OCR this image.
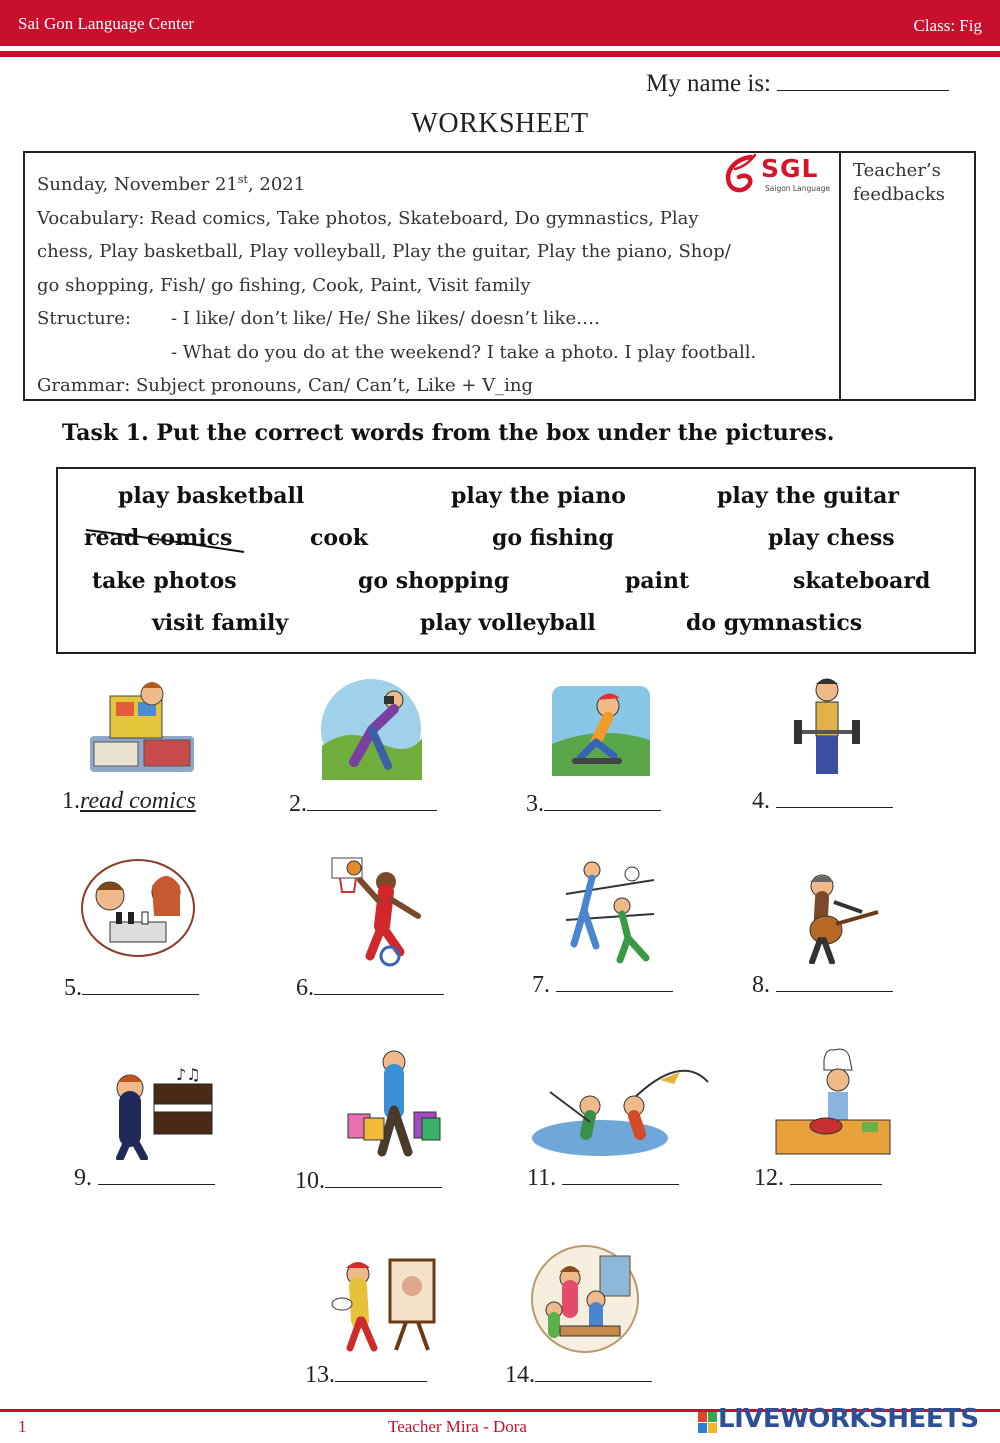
Sai Gon Language Center	Class: Fig
My name is:
WORKSHEET
Sunday, November 21st, 2021
Vocabulary: Read comics, Take photos, Skateboard, Do gymnastics, Play
chess, Play basketball, Play volleyball, Play the guitar, Play the piano, Shop/
go shopping, Fish/ go fishing, Cook, Paint, Visit family
Structure: - I like/ don’t like/ He/ She likes/ doesn’t like….
- What do you do at the weekend? I take a photo. I play football.
Grammar: Subject pronouns, Can/ Can’t, Like + V_ing
SGL
Saigon Language
Teacher’s
feedbacks
Task 1. Put the correct words from the box under the pictures.
play basketball	play the piano	play the guitar
read comics	cook	go fishing	play chess
take photos	go shopping	paint	skateboard
visit family	play volleyball	do gymnastics
1.read comics	2.	3.	4.
5.	6.	7.	8.
♪♫
9.	10.	11.	12.
13.	14.
1	Teacher Mira - Dora	LIVEWORKSHEETS
